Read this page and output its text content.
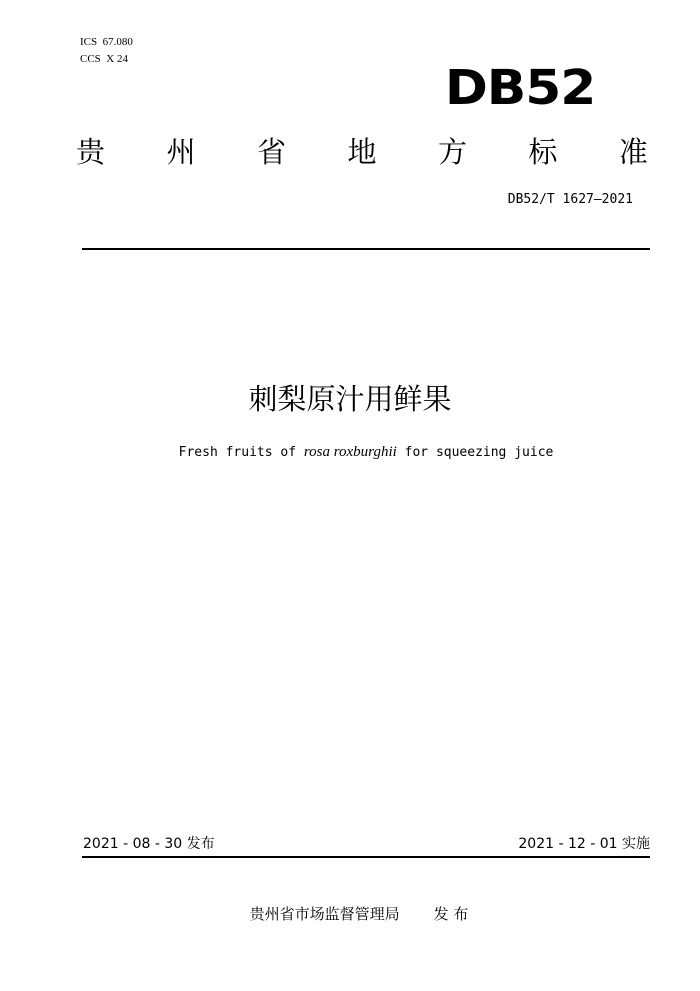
ICS  67.080
CCS  X 24
DB52
贵 州 省 地 方 标 准
DB52/T 1627—2021
刺梨原汁用鲜果
Fresh fruits of rosa roxburghii for squeezing juice
2021 - 08 - 30 发布	2021 - 12 - 01 实施
贵州省市场监督管理局 发 布
